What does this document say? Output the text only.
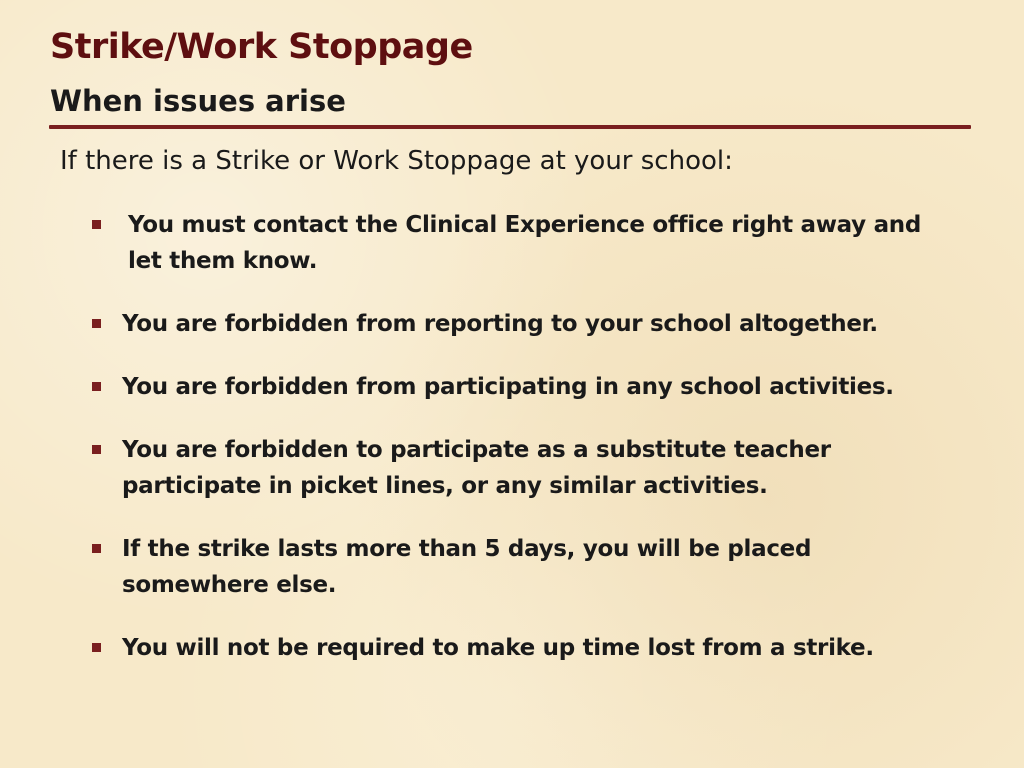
Strike/Work Stoppage
When issues arise

If there is a Strike or Work Stoppage at your school:

You must contact the Clinical Experience office right away and
let them know.

You are forbidden from reporting to your school altogether.

You are forbidden from participating in any school activities.

You are forbidden to participate as a substitute teacher
participate in picket lines, or any similar activities.

If the strike lasts more than 5 days, you will be placed
somewhere else.

You will not be required to make up time lost from a strike.
